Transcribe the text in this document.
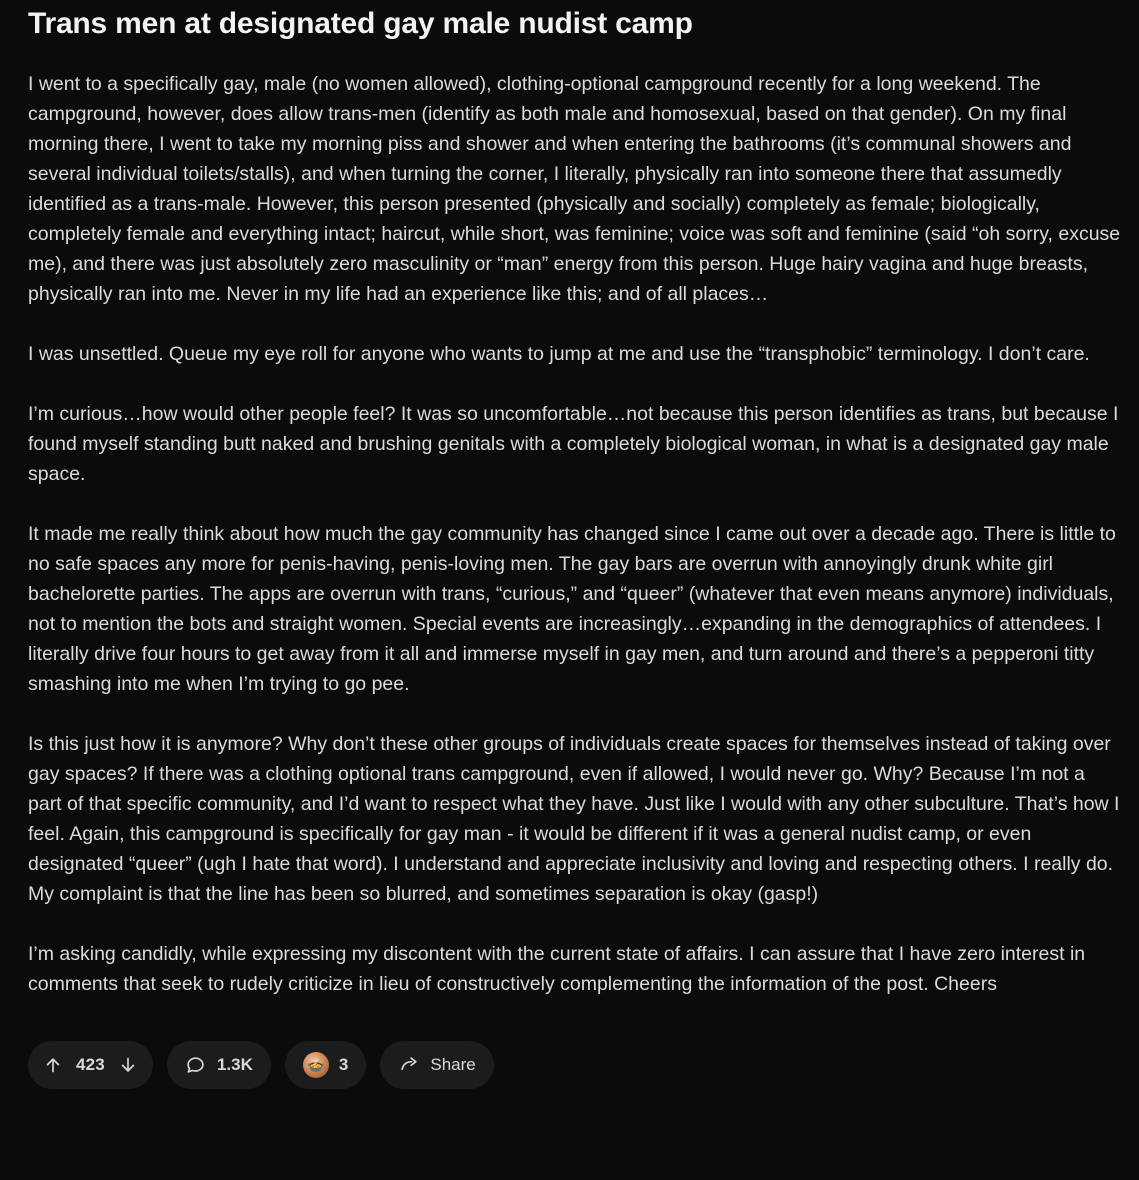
Trans men at designated gay male nudist camp

I went to a specifically gay, male (no women allowed), clothing-optional campground recently for a long weekend. The campground, however, does allow trans-men (identify as both male and homosexual, based on that gender). On my final morning there, I went to take my morning piss and shower and when entering the bathrooms (it’s communal showers and several individual toilets/stalls), and when turning the corner, I literally, physically ran into someone there that assumedly identified as a trans-male. However, this person presented (physically and socially) completely as female; biologically, completely female and everything intact; haircut, while short, was feminine; voice was soft and feminine (said “oh sorry, excuse me), and there was just absolutely zero masculinity or “man” energy from this person. Huge hairy vagina and huge breasts, physically ran into me. Never in my life had an experience like this; and of all places…

I was unsettled. Queue my eye roll for anyone who wants to jump at me and use the “transphobic” terminology. I don’t care.

I’m curious…how would other people feel? It was so uncomfortable…not because this person identifies as trans, but because I found myself standing butt naked and brushing genitals with a completely biological woman, in what is a designated gay male space.

It made me really think about how much the gay community has changed since I came out over a decade ago. There is little to no safe spaces any more for penis-having, penis-loving men. The gay bars are overrun with annoyingly drunk white girl bachelorette parties. The apps are overrun with trans, “curious,” and “queer” (whatever that even means anymore) individuals, not to mention the bots and straight women. Special events are increasingly…expanding in the demographics of attendees. I literally drive four hours to get away from it all and immerse myself in gay men, and turn around and there’s a pepperoni titty smashing into me when I’m trying to go pee.

Is this just how it is anymore? Why don’t these other groups of individuals create spaces for themselves instead of taking over gay spaces? If there was a clothing optional trans campground, even if allowed, I would never go. Why? Because I’m not a part of that specific community, and I’d want to respect what they have. Just like I would with any other subculture. That’s how I feel. Again, this campground is specifically for gay man - it would be different if it was a general nudist camp, or even designated “queer” (ugh I hate that word). I understand and appreciate inclusivity and loving and respecting others. I really do. My complaint is that the line has been so blurred, and sometimes separation is okay (gasp!)

I’m asking candidly, while expressing my discontent with the current state of affairs. I can assure that I have zero interest in comments that seek to rudely criticize in lieu of constructively complementing the information of the post. Cheers

423	1.3K	🍲 3	Share
